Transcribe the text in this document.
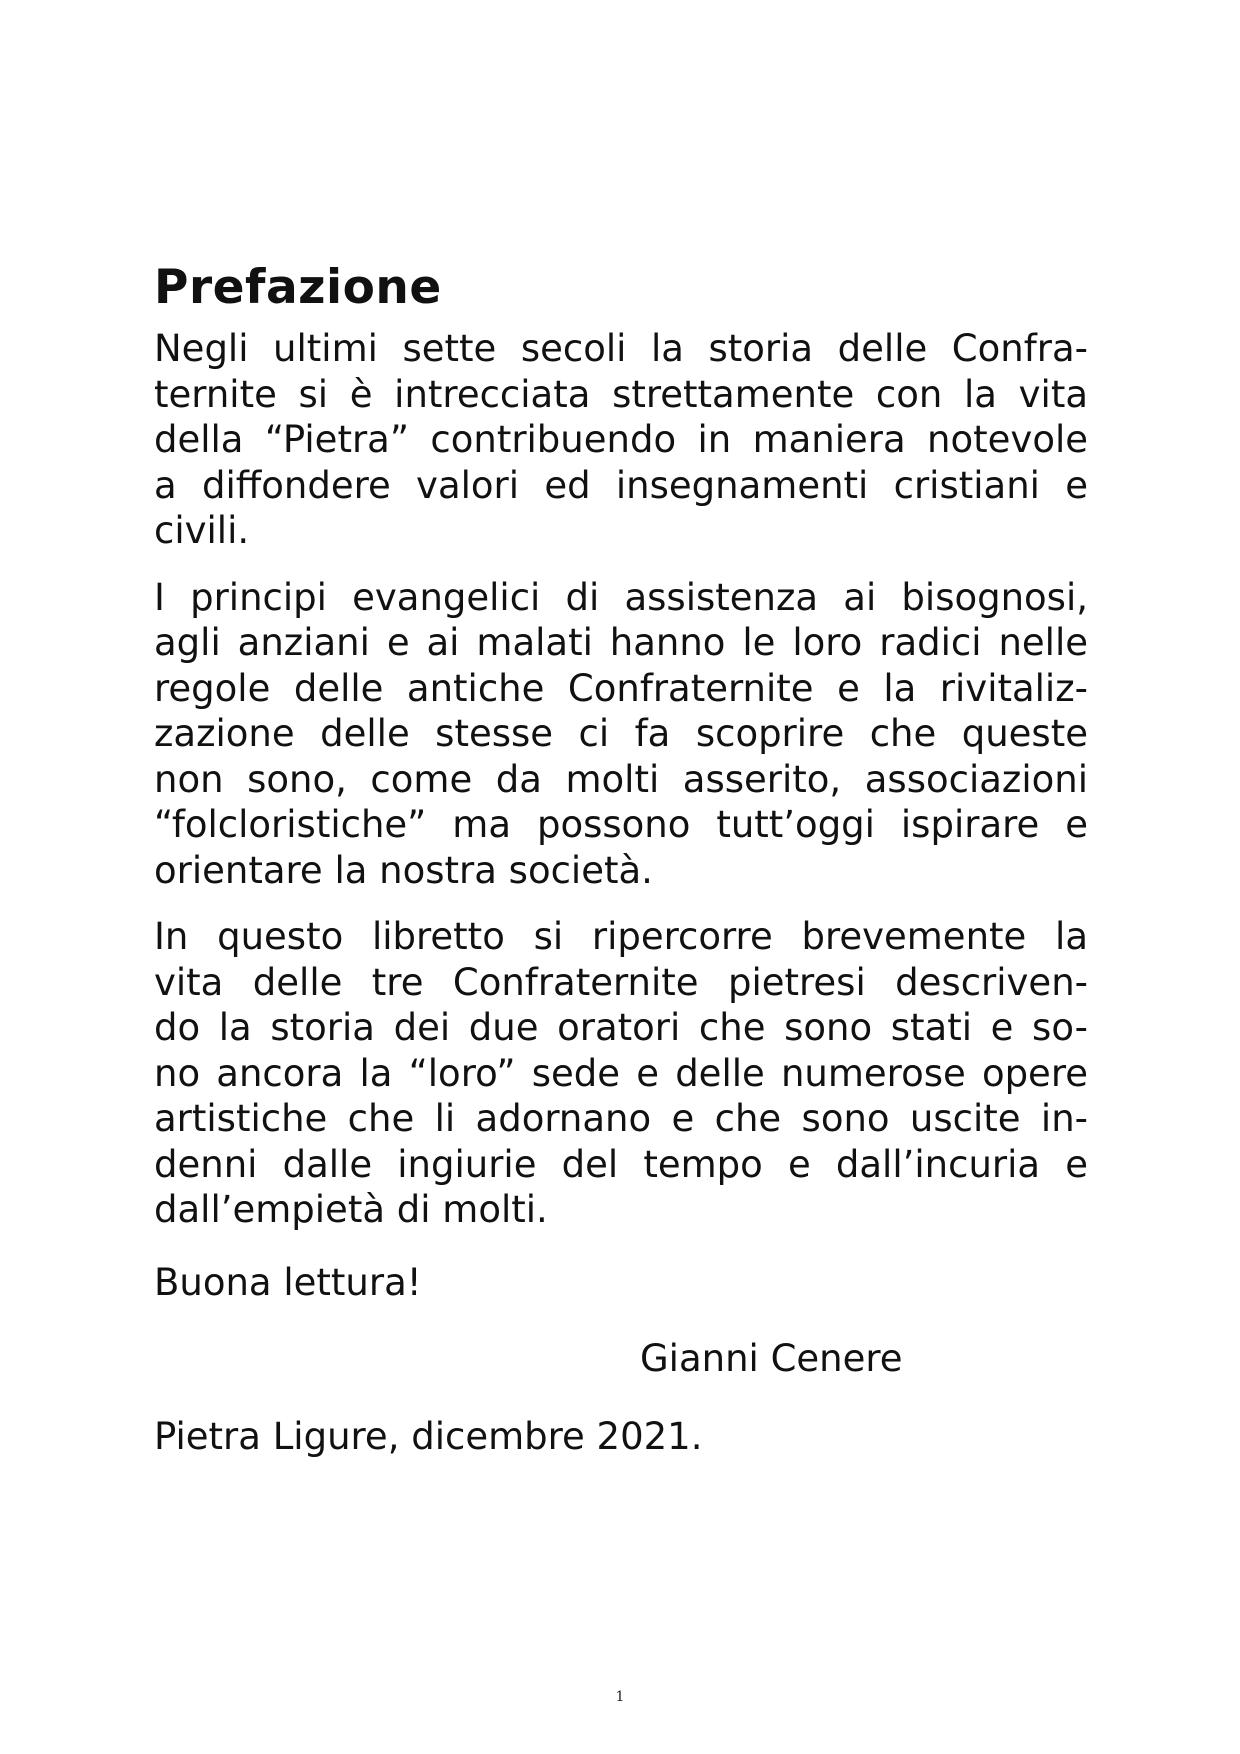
Prefazione
Negli ultimi sette secoli la storia delle Confra-
ternite si è intrecciata strettamente con la vita
della “Pietra” contribuendo in maniera notevole
a diffondere valori ed insegnamenti cristiani e
civili.
I principi evangelici di assistenza ai bisognosi,
agli anziani e ai malati hanno le loro radici nelle
regole delle antiche Confraternite e la rivitaliz-
zazione delle stesse ci fa scoprire che queste
non sono, come da molti asserito, associazioni
“folcloristiche” ma possono tutt’oggi ispirare e
orientare la nostra società.
In questo libretto si ripercorre brevemente la
vita delle tre Confraternite pietresi descriven-
do la storia dei due oratori che sono stati e so-
no ancora la “loro” sede e delle numerose opere
artistiche che li adornano e che sono uscite in-
denni dalle ingiurie del tempo e dall’incuria e
dall’empietà di molti.
Buona lettura!
Gianni Cenere
Pietra Ligure, dicembre 2021.
1
